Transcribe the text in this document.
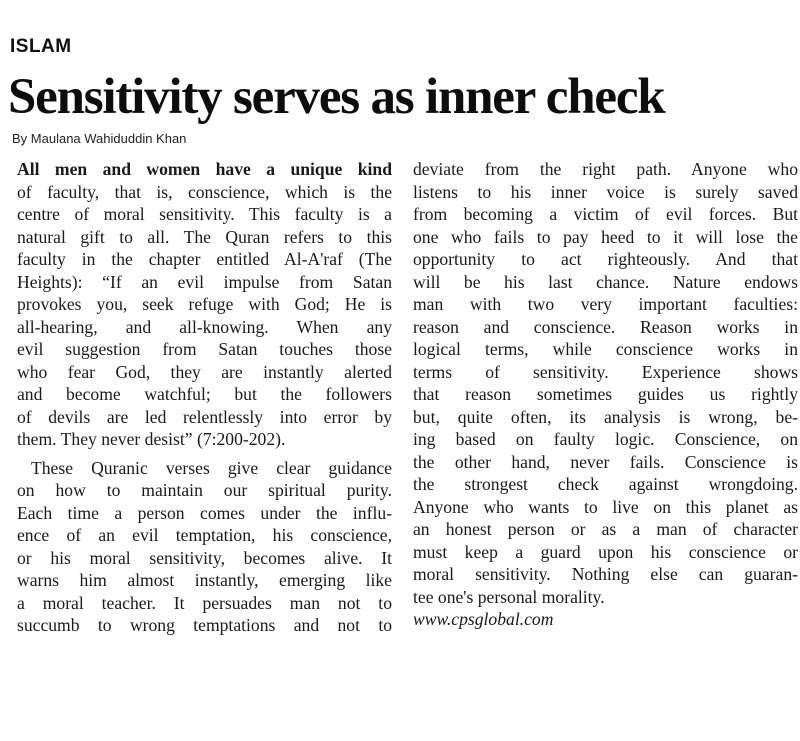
ISLAM
Sensitivity serves as inner check
By Maulana Wahiduddin Khan
All men and women have a unique kind
of faculty, that is, conscience, which is the
centre of moral sensitivity. This faculty is a
natural gift to all. The Quran refers to this
faculty in the chapter entitled Al-A'raf (The
Heights): “If an evil impulse from Satan
provokes you, seek refuge with God; He is
all-hearing, and all-knowing. When any
evil suggestion from Satan touches those
who fear God, they are instantly alerted
and become watchful; but the followers
of devils are led relentlessly into error by
them. They never desist” (7:200-202).
These Quranic verses give clear guidance
on how to maintain our spiritual purity.
Each time a person comes under the influ-
ence of an evil temptation, his conscience,
or his moral sensitivity, becomes alive. It
warns him almost instantly, emerging like
a moral teacher. It persuades man not to
succumb to wrong temptations and not to
deviate from the right path. Anyone who
listens to his inner voice is surely saved
from becoming a victim of evil forces. But
one who fails to pay heed to it will lose the
opportunity to act righteously. And that
will be his last chance. Nature endows
man with two very important faculties:
reason and conscience. Reason works in
logical terms, while conscience works in
terms of sensitivity. Experience shows
that reason sometimes guides us rightly
but, quite often, its analysis is wrong, be-
ing based on faulty logic. Conscience, on
the other hand, never fails. Conscience is
the strongest check against wrongdoing.
Anyone who wants to live on this planet as
an honest person or as a man of character
must keep a guard upon his conscience or
moral sensitivity. Nothing else can guaran-
tee one's personal morality.
www.cpsglobal.com
